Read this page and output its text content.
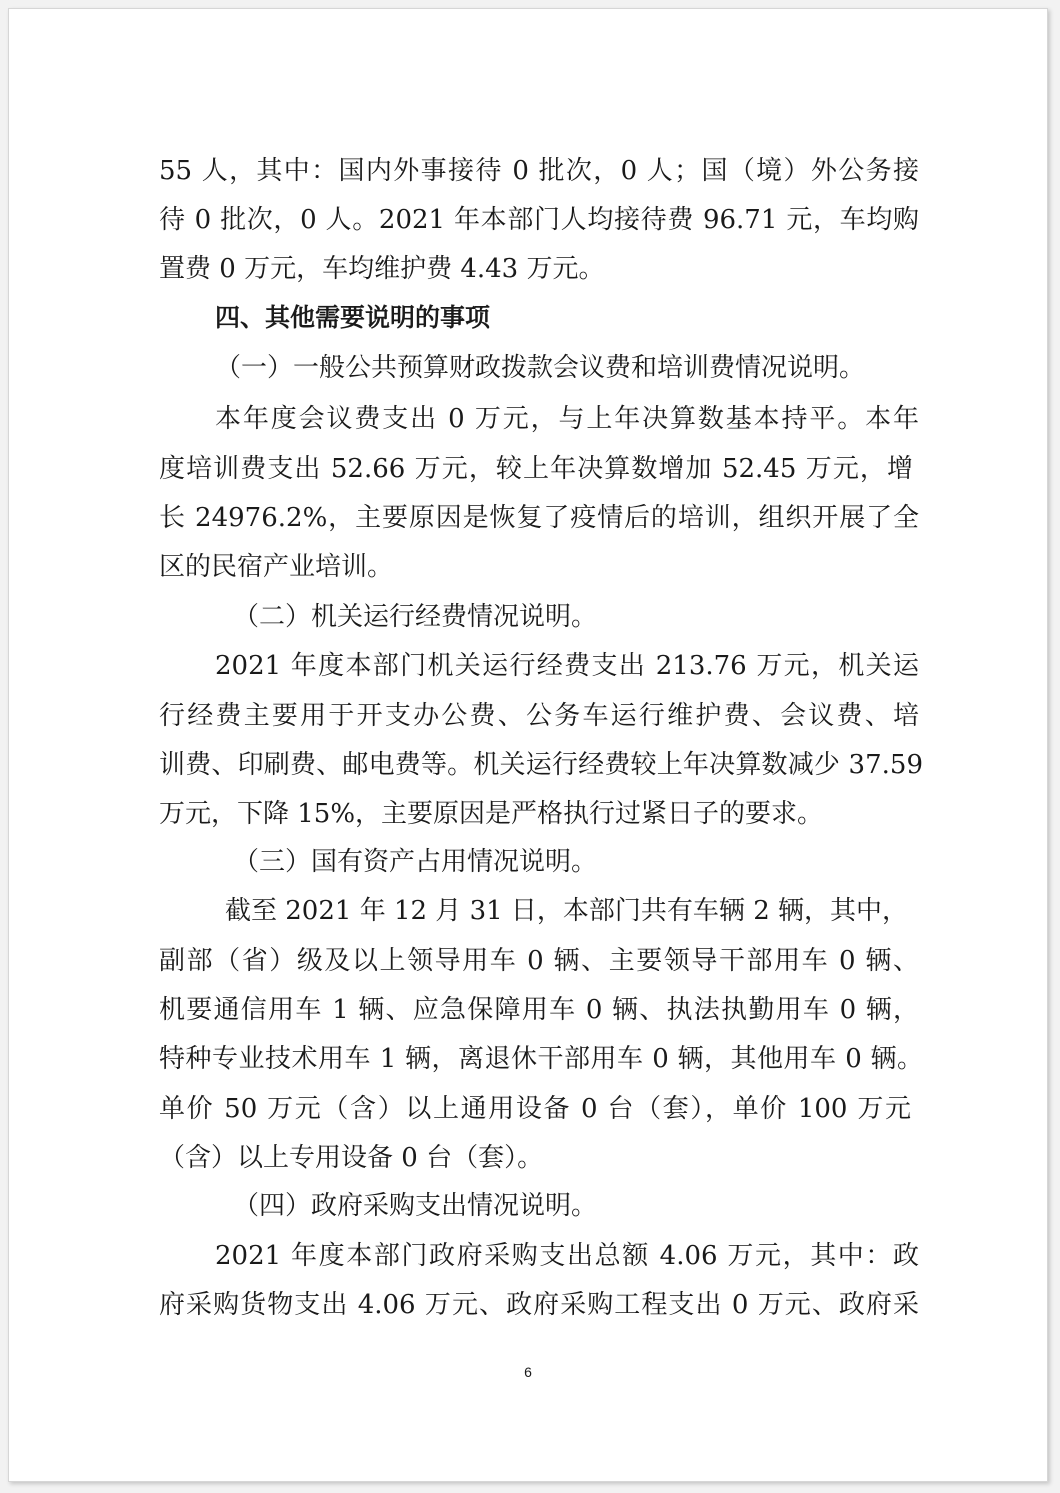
55 人，其中：国内外事接待 0 批次，0 人；国（境）外公务接

待 0 批次，0 人。2021 年本部门人均接待费 96.71 元，车均购

置费 0 万元，车均维护费 4.43 万元。

四、其他需要说明的事项

（一）一般公共预算财政拨款会议费和培训费情况说明。

本年度会议费支出 0 万元，与上年决算数基本持平。本年

度培训费支出 52.66 万元，较上年决算数增加 52.45 万元，增

长 24976.2%，主要原因是恢复了疫情后的培训，组织开展了全

区的民宿产业培训。

（二）机关运行经费情况说明。

2021 年度本部门机关运行经费支出 213.76 万元，机关运

行经费主要用于开支办公费、公务车运行维护费、会议费、培

训费、印刷费、邮电费等。机关运行经费较上年决算数减少 37.59

万元，下降 15%，主要原因是严格执行过紧日子的要求。

（三）国有资产占用情况说明。

截至 2021 年 12 月 31 日，本部门共有车辆 2 辆，其中，

副部（省）级及以上领导用车 0 辆、主要领导干部用车 0 辆、

机要通信用车 1 辆、应急保障用车 0 辆、执法执勤用车 0 辆，

特种专业技术用车 1 辆，离退休干部用车 0 辆，其他用车 0 辆。

单价 50 万元（含）以上通用设备 0 台（套），单价 100 万元

（含）以上专用设备 0 台（套）。

（四）政府采购支出情况说明。

2021 年度本部门政府采购支出总额 4.06 万元，其中：政

府采购货物支出 4.06 万元、政府采购工程支出 0 万元、政府采

6
